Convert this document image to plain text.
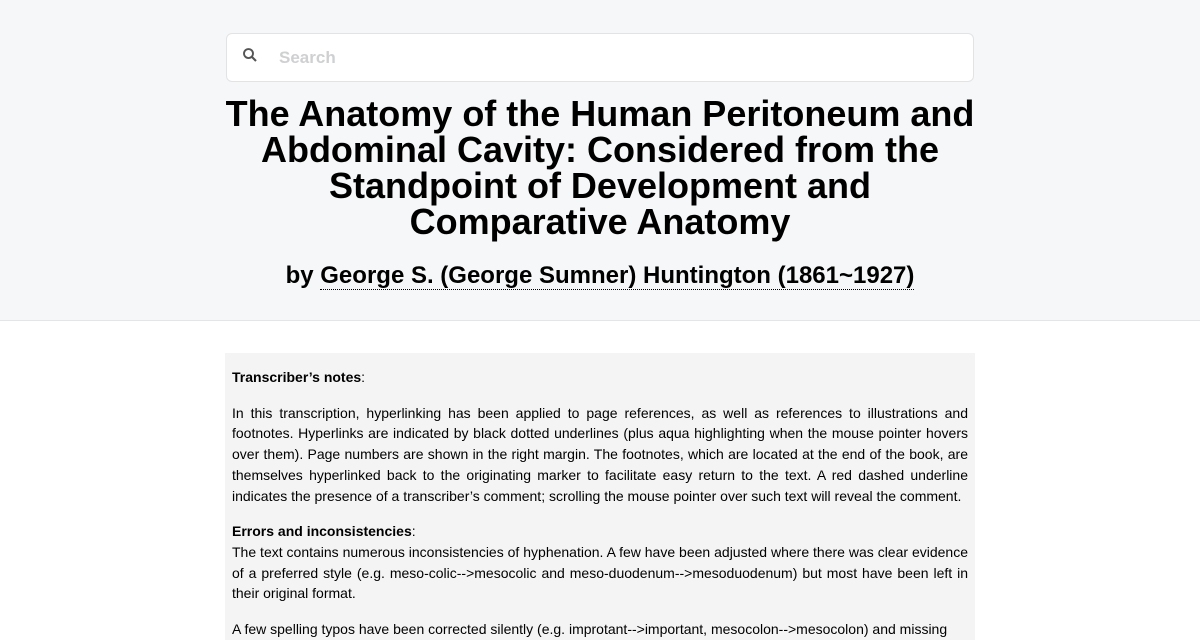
Search
The Anatomy of the Human Peritoneum and Abdominal Cavity: Considered from the Standpoint of Development and Comparative Anatomy
by George S. (George Sumner) Huntington (1861~1927)

Transcriber’s notes:

In this transcription, hyperlinking has been applied to page references, as well as references to illustrations and footnotes. Hyperlinks are indicated by black dotted underlines (plus aqua highlighting when the mouse pointer hovers over them). Page numbers are shown in the right margin. The footnotes, which are located at the end of the book, are themselves hyperlinked back to the originating marker to facilitate easy return to the text. A red dashed underline indicates the presence of a transcriber’s comment; scrolling the mouse pointer over such text will reveal the comment.

Errors and inconsistencies:
The text contains numerous inconsistencies of hyphenation. A few have been adjusted where there was clear evidence of a preferred style (e.g. meso-colic-->mesocolic and meso-duodenum-->mesoduodenum) but most have been left in their original format.

A few spelling typos have been corrected silently (e.g. improtant-->important, mesocolon-->mesocolon) and missing
